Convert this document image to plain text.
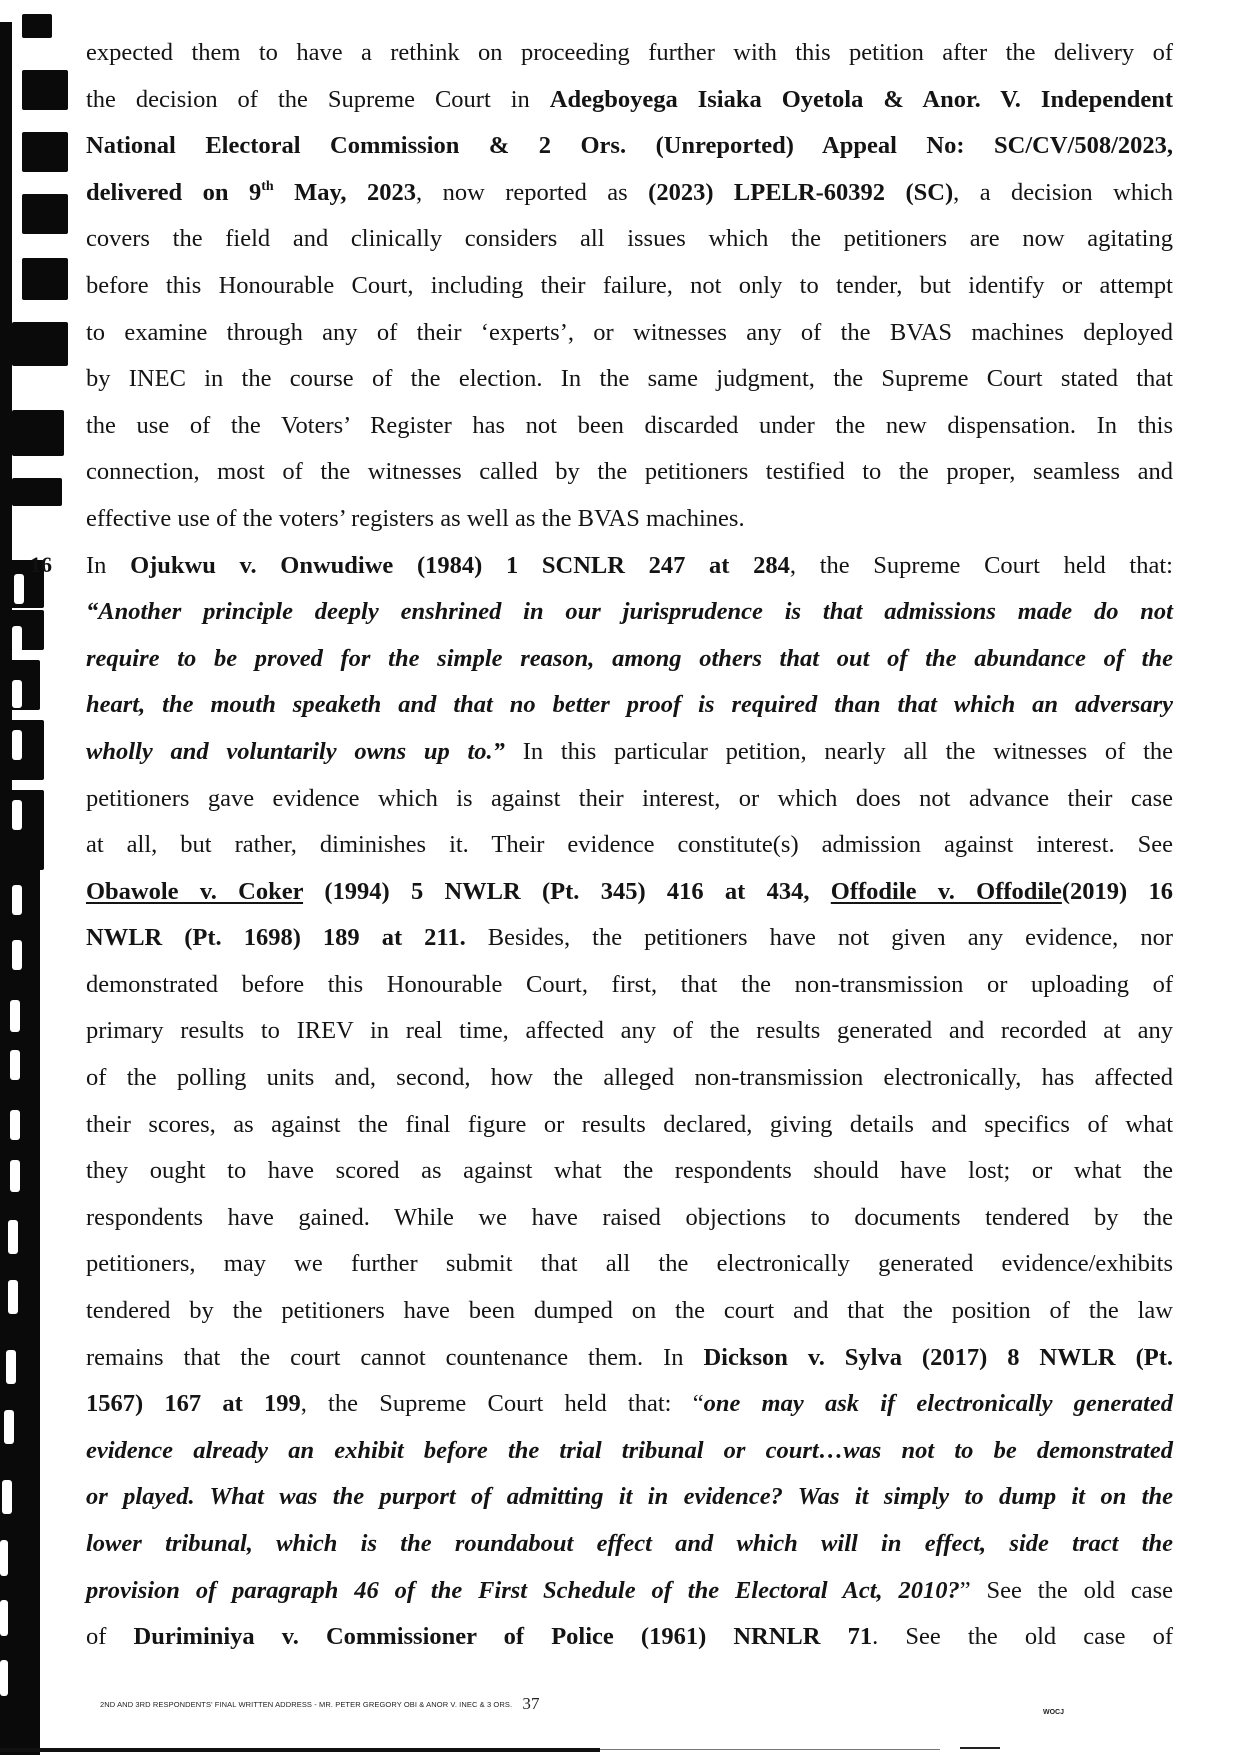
16
expected them to have a rethink on proceeding further with this petition after the delivery of
the decision of the Supreme Court in Adegboyega Isiaka Oyetola & Anor. V. Independent
National Electoral Commission & 2 Ors. (Unreported) Appeal No: SC/CV/508/2023,
delivered on 9th May, 2023, now reported as (2023) LPELR-60392 (SC), a decision which
covers the field and clinically considers all issues which the petitioners are now agitating
before this Honourable Court, including their failure, not only to tender, but identify or attempt
to examine through any of their ‘experts’, or witnesses any of the BVAS machines deployed
by INEC in the course of the election. In the same judgment, the Supreme Court stated that
the use of the Voters’ Register has not been discarded under the new dispensation. In this
connection, most of the witnesses called by the petitioners testified to the proper, seamless and
effective use of the voters’ registers as well as the BVAS machines.
In Ojukwu v. Onwudiwe (1984) 1 SCNLR 247 at 284, the Supreme Court held that:
“Another principle deeply enshrined in our jurisprudence is that admissions made do not
require to be proved for the simple reason, among others that out of the abundance of the
heart, the mouth speaketh and that no better proof is required than that which an adversary
wholly and voluntarily owns up to.” In this particular petition, nearly all the witnesses of the
petitioners gave evidence which is against their interest, or which does not advance their case
at all, but rather, diminishes it. Their evidence constitute(s) admission against interest. See
Obawole v. Coker (1994) 5 NWLR (Pt. 345) 416 at 434, Offodile v. Offodile(2019) 16
NWLR (Pt. 1698) 189 at 211. Besides, the petitioners have not given any evidence, nor
demonstrated before this Honourable Court, first, that the non-transmission or uploading of
primary results to IREV in real time, affected any of the results generated and recorded at any
of the polling units and, second, how the alleged non-transmission electronically, has affected
their scores, as against the final figure or results declared, giving details and specifics of what
they ought to have scored as against what the respondents should have lost; or what the
respondents have gained. While we have raised objections to documents tendered by the
petitioners, may we further submit that all the electronically generated evidence/exhibits
tendered by the petitioners have been dumped on the court and that the position of the law
remains that the court cannot countenance them. In Dickson v. Sylva (2017) 8 NWLR (Pt.
1567) 167 at 199, the Supreme Court held that: “one may ask if electronically generated
evidence already an exhibit before the trial tribunal or court…was not to be demonstrated
or played. What was the purport of admitting it in evidence? Was it simply to dump it on the
lower tribunal, which is the roundabout effect and which will in effect, side tract the
provision of paragraph 46 of the First Schedule of the Electoral Act, 2010?” See the old case
of Duriminiya v. Commissioner of Police (1961) NRNLR 71. See the old case of
2ND AND 3RD RESPONDENTS' FINAL WRITTEN ADDRESS - MR. PETER GREGORY OBI & ANOR V. INEC & 3 ORS. 37	WOCJ
